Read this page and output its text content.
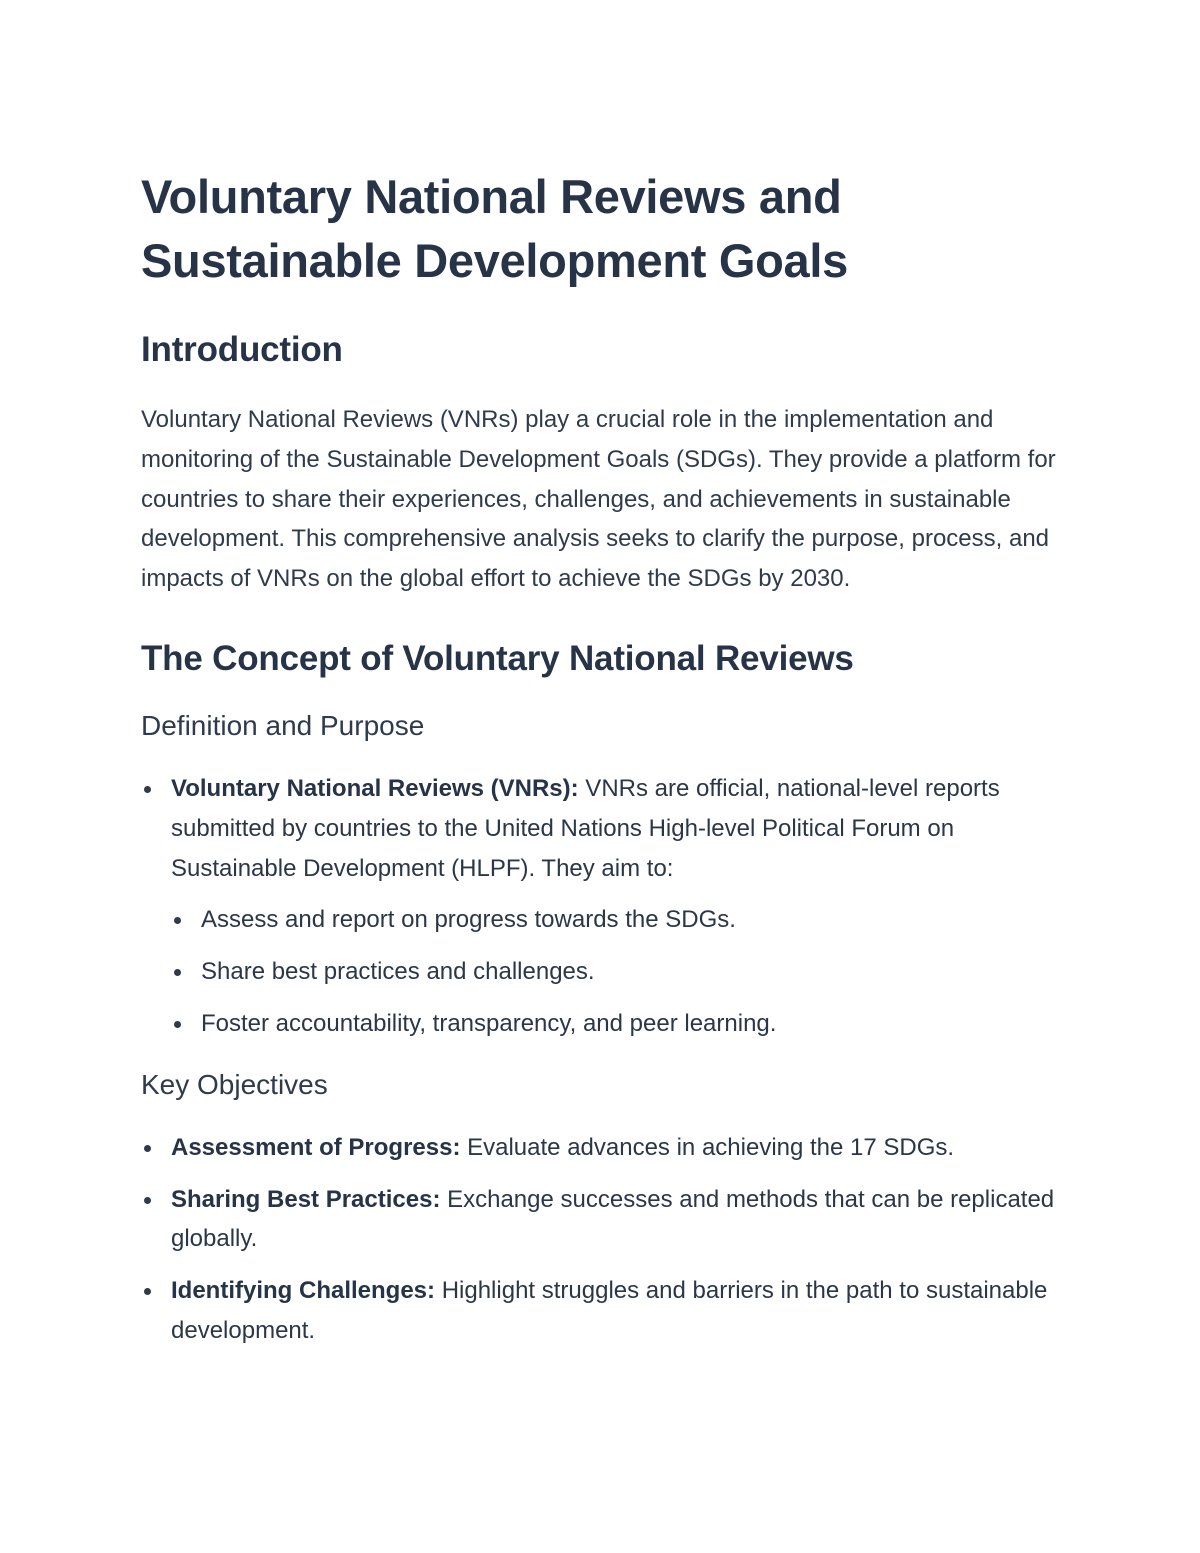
Voluntary National Reviews and Sustainable Development Goals
Introduction

Voluntary National Reviews (VNRs) play a crucial role in the implementation and monitoring of the Sustainable Development Goals (SDGs). They provide a platform for countries to share their experiences, challenges, and achievements in sustainable development. This comprehensive analysis seeks to clarify the purpose, process, and impacts of VNRs on the global effort to achieve the SDGs by 2030.

The Concept of Voluntary National Reviews
Definition and Purpose
Voluntary National Reviews (VNRs): VNRs are official, national-level reports submitted by countries to the United Nations High-level Political Forum on Sustainable Development (HLPF). They aim to:
Assess and report on progress towards the SDGs.
Share best practices and challenges.
Foster accountability, transparency, and peer learning.
Key Objectives
Assessment of Progress: Evaluate advances in achieving the 17 SDGs.
Sharing Best Practices: Exchange successes and methods that can be replicated globally.
Identifying Challenges: Highlight struggles and barriers in the path to sustainable development.
